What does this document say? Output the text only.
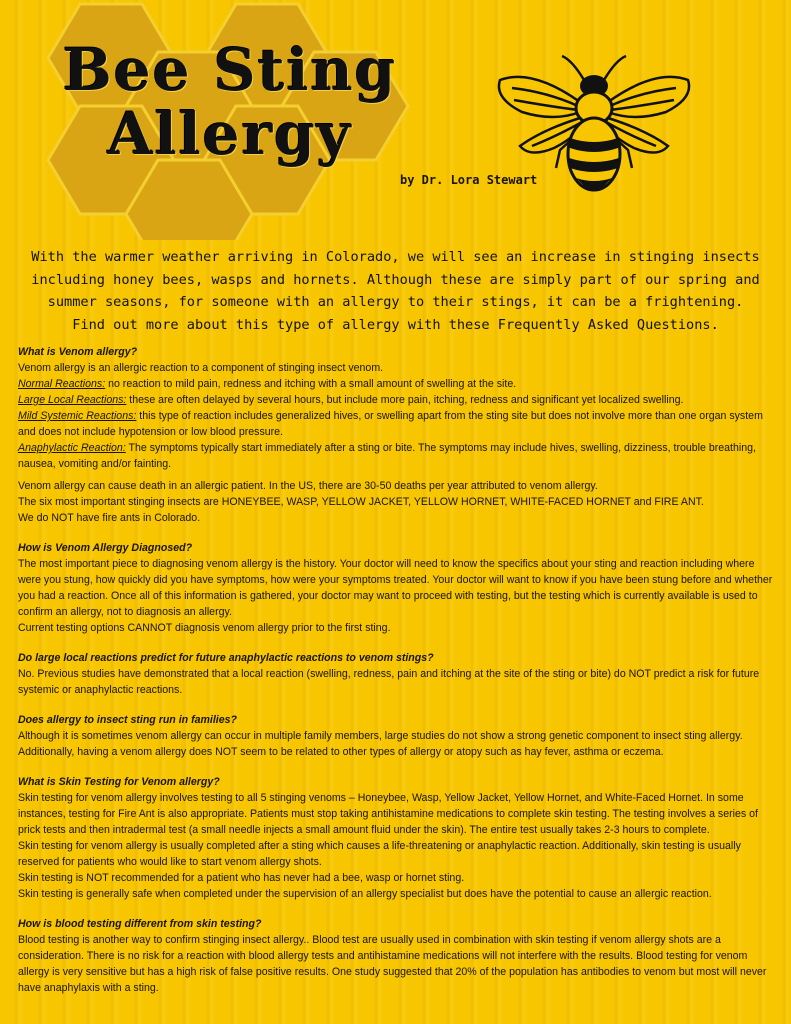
Bee Sting
Allergy
by Dr. Lora Stewart
With the warmer weather arriving in Colorado, we will see an increase in stinging insects
including honey bees, wasps and hornets. Although these are simply part of our spring and
summer seasons, for someone with an allergy to their stings, it can be a frightening.
Find out more about this type of allergy with these Frequently Asked Questions.

What is Venom allergy?

Venom allergy is an allergic reaction to a component of stinging insect venom.

Normal Reactions: no reaction to mild pain, redness and itching with a small amount of swelling at the site.

Large Local Reactions: these are often delayed by several hours, but include more pain, itching, redness and significant yet localized swelling.

Mild Systemic Reactions: this type of reaction includes generalized hives, or swelling apart from the sting site but does not involve more than one organ system and does not include hypotension or low blood pressure.

Anaphylactic Reaction: The symptoms typically start immediately after a sting or bite. The symptoms may include hives, swelling, dizziness, trouble breathing, nausea, vomiting and/or fainting.

Venom allergy can cause death in an allergic patient. In the US, there are 30-50 deaths per year attributed to venom allergy.

The six most important stinging insects are HONEYBEE, WASP, YELLOW JACKET, YELLOW HORNET, WHITE-FACED HORNET and FIRE ANT.

We do NOT have fire ants in Colorado.

How is Venom Allergy Diagnosed?

The most important piece to diagnosing venom allergy is the history. Your doctor will need to know the specifics about your sting and reaction including where were you stung, how quickly did you have symptoms, how were your symptoms treated. Your doctor will want to know if you have been stung before and whether you had a reaction. Once all of this information is gathered, your doctor may want to proceed with testing, but the testing which is currently available is used to confirm an allergy, not to diagnosis an allergy.

Current testing options CANNOT diagnosis venom allergy prior to the first sting.

Do large local reactions predict for future anaphylactic reactions to venom stings?

No. Previous studies have demonstrated that a local reaction (swelling, redness, pain and itching at the site of the sting or bite) do NOT predict a risk for future systemic or anaphylactic reactions.

Does allergy to insect sting run in families?

Although it is sometimes venom allergy can occur in multiple family members, large studies do not show a strong genetic component to insect sting allergy. Additionally, having a venom allergy does NOT seem to be related to other types of allergy or atopy such as hay fever, asthma or eczema.

What is Skin Testing for Venom allergy?

Skin testing for venom allergy involves testing to all 5 stinging venoms – Honeybee, Wasp, Yellow Jacket, Yellow Hornet, and White-Faced Hornet. In some instances, testing for Fire Ant is also appropriate. Patients must stop taking antihistamine medications to complete skin testing. The testing involves a series of prick tests and then intradermal test (a small needle injects a small amount fluid under the skin). The entire test usually takes 2-3 hours to complete.

Skin testing for venom allergy is usually completed after a sting which causes a life-threatening or anaphylactic reaction. Additionally, skin testing is usually reserved for patients who would like to start venom allergy shots.

Skin testing is NOT recommended for a patient who has never had a bee, wasp or hornet sting.

Skin testing is generally safe when completed under the supervision of an allergy specialist but does have the potential to cause an allergic reaction.

How is blood testing different from skin testing?

Blood testing is another way to confirm stinging insect allergy.. Blood test are usually used in combination with skin testing if venom allergy shots are a consideration. There is no risk for a reaction with blood allergy tests and antihistamine medications will not interfere with the results. Blood testing for venom allergy is very sensitive but has a high risk of false positive results. One study suggested that 20% of the population has antibodies to venom but most will never have anaphylaxis with a sting.
